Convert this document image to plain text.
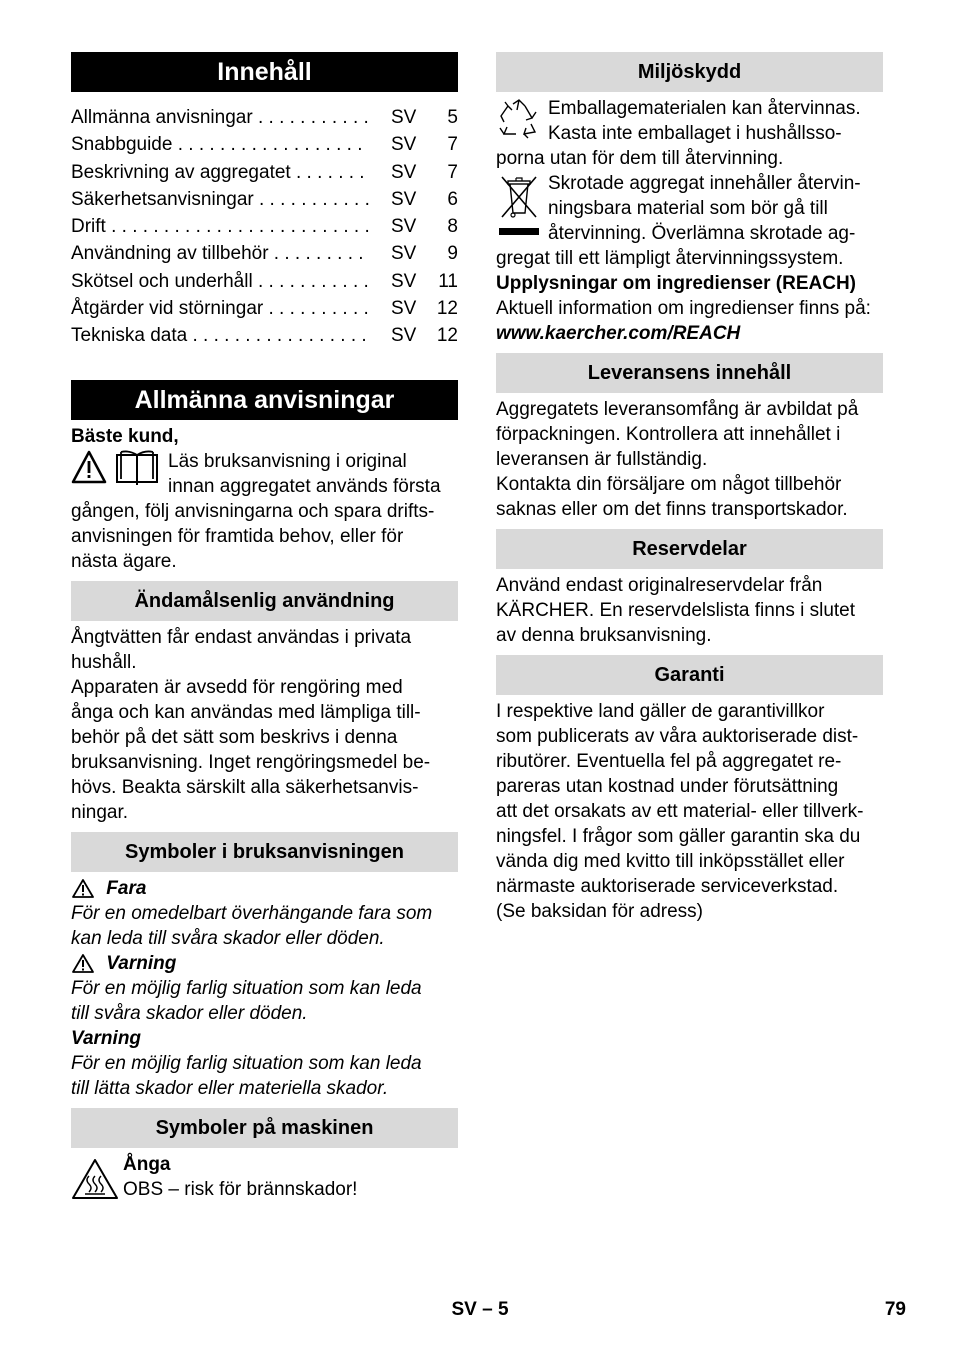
Innehåll
Allmänna anvisningar . . .	SV	5
Snabbguide . . .	SV	7
Beskrivning av aggregatet . . .	SV	7
Säkerhetsanvisningar . . .	SV	6
Drift . . .	SV	8
Användning av tillbehör . . .	SV	9
Skötsel och underhåll . . .	SV	11
Åtgärder vid störningar . . .	SV	12
Tekniska data . . .	SV	12
Allmänna anvisningar

Bäste kund,

Läs bruksanvisning i original

innan aggregatet används första

gången, följ anvisningarna och spara drifts-

anvisningen för framtida behov, eller för

nästa ägare.

Ändamålsenlig användning

Ångtvätten får endast användas i privata

hushåll.

Apparaten är avsedd för rengöring med

ånga och kan användas med lämpliga till-

behör på det sätt som beskrivs i denna

bruksanvisning. Inget rengöringsmedel be-

hövs. Beakta särskilt alla säkerhetsanvis-

ningar.

Symboler i bruksanvisningen

Fara

För en omedelbart överhängande fara som

kan leda till svåra skador eller döden.

Varning

För en möjlig farlig situation som kan leda

till svåra skador eller döden.

Varning

För en möjlig farlig situation som kan leda

till lätta skador eller materiella skador.

Symboler på maskinen

Ånga

OBS – risk för brännskador!

Miljöskydd

Emballagematerialen kan återvinnas.

Kasta inte emballaget i hushållsso-

porna utan för dem till återvinning.

Skrotade aggregat innehåller återvin-

ningsbara material som bör gå till

återvinning. Överlämna skrotade ag-

gregat till ett lämpligt återvinningssystem.

Upplysningar om ingredienser (REACH)

Aktuell information om ingredienser finns på:

www.kaercher.com/REACH

Leveransens innehåll

Aggregatets leveransomfång är avbildat på

förpackningen. Kontrollera att innehållet i

leveransen är fullständig.

Kontakta din försäljare om något tillbehör

saknas eller om det finns transportskador.

Reservdelar

Använd endast originalreservdelar från

KÄRCHER. En reservdelslista finns i slutet

av denna bruksanvisning.

Garanti

I respektive land gäller de garantivillkor

som publicerats av våra auktoriserade dist-

ributörer. Eventuella fel på aggregatet re-

pareras utan kostnad under förutsättning

att det orsakats av ett material- eller tillverk-

ningsfel. I frågor som gäller garantin ska du

vända dig med kvitto till inköpsstället eller

närmaste auktoriserade serviceverkstad.

(Se baksidan för adress)

SV – 5	79
